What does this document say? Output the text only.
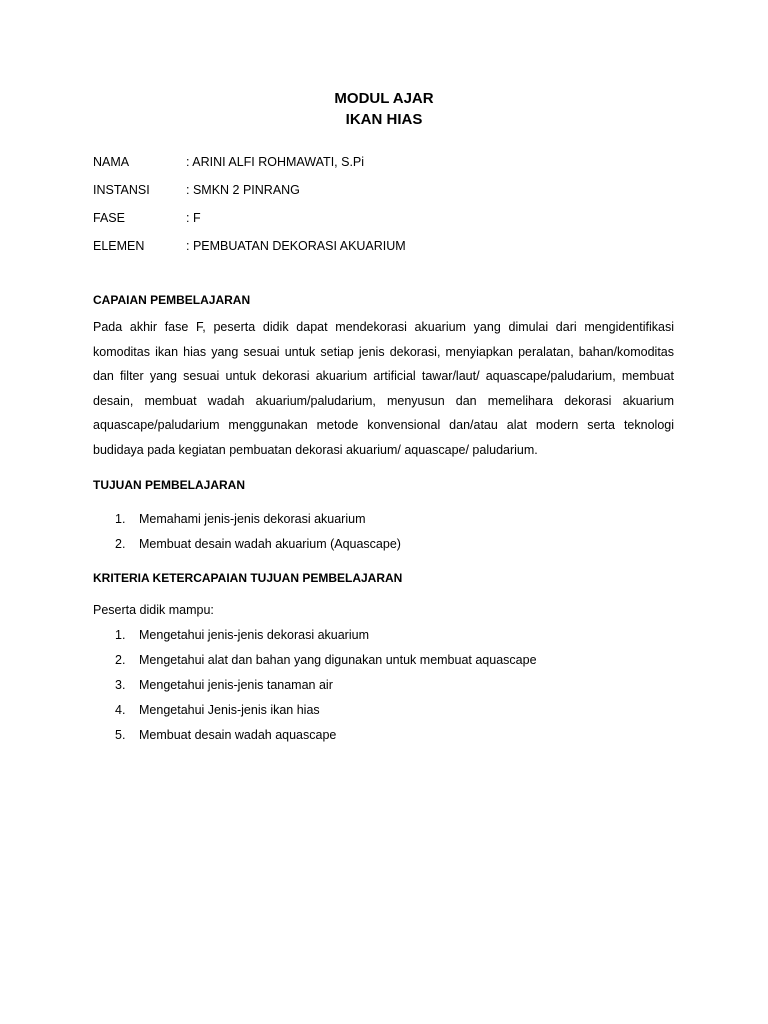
MODUL AJAR
IKAN HIAS
NAMA	: ARINI ALFI ROHMAWATI, S.Pi
INSTANSI	: SMKN 2 PINRANG
FASE	: F
ELEMEN	: PEMBUATAN DEKORASI AKUARIUM
CAPAIAN PEMBELAJARAN
Pada akhir fase F, peserta didik dapat mendekorasi akuarium yang dimulai dari mengidentifikasi komoditas ikan hias yang sesuai untuk setiap jenis dekorasi, menyiapkan peralatan, bahan/komoditas dan filter yang sesuai untuk dekorasi akuarium artificial tawar/laut/ aquascape/paludarium, membuat desain, membuat wadah akuarium/paludarium, menyusun dan memelihara dekorasi akuarium aquascape/paludarium menggunakan metode konvensional dan/atau alat modern serta teknologi budidaya pada kegiatan pembuatan dekorasi akuarium/ aquascape/ paludarium.
TUJUAN PEMBELAJARAN
1.	Memahami jenis-jenis dekorasi akuarium
2.	Membuat desain wadah akuarium (Aquascape)
KRITERIA KETERCAPAIAN TUJUAN PEMBELAJARAN
Peserta didik mampu:
1.	Mengetahui jenis-jenis dekorasi akuarium
2.	Mengetahui alat dan bahan yang digunakan untuk membuat aquascape
3.	Mengetahui jenis-jenis tanaman air
4.	Mengetahui Jenis-jenis ikan hias
5.	Membuat desain wadah aquascape
